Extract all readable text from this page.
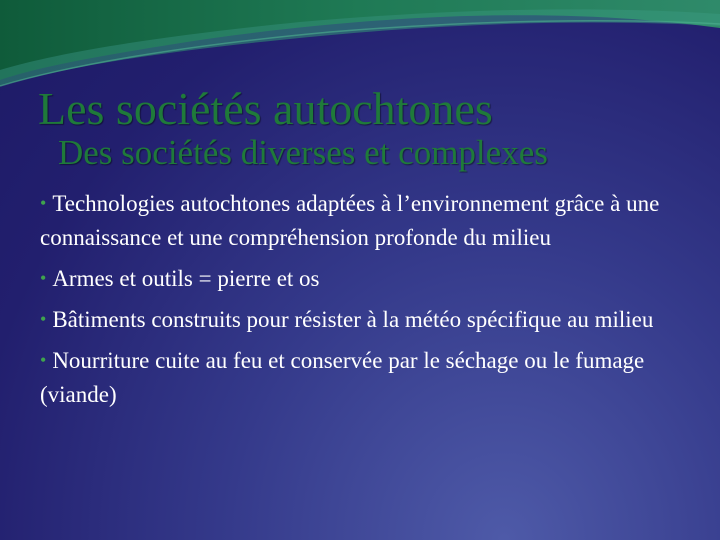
Les sociétés autochtones
Des sociétés diverses et complexes
• Technologies autochtones adaptées à l’environnement grâce à une connaissance et une compréhension profonde du milieu
• Armes et outils = pierre et os
• Bâtiments construits pour résister à la météo spécifique au milieu
• Nourriture cuite au feu et conservée par le séchage ou le fumage (viande)
